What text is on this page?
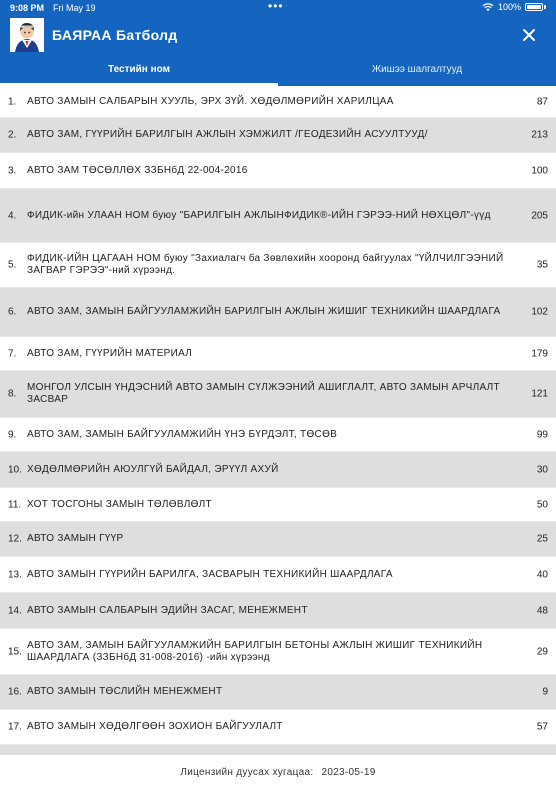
9:08 PM Fri May 19	•••	100%
БАЯРАА Батболд
Тестийн ном	Жишээ шалгалтууд
1. АВТО ЗАМЫН САЛБАРЫН ХУУЛЬ, ЭРХ ЗҮЙ. ХӨДӨЛМӨРИЙН ХАРИЛЦАА	87
2. АВТО ЗАМ, ГҮҮРИЙН БАРИЛГЫН АЖЛЫН ХЭМЖИЛТ /ГЕОДЕЗИЙН АСУУЛТУУД/	213
3. АВТО ЗАМ ТӨСӨЛЛӨХ ЗЗБНбД 22-004-2016	100
4. ФИДИК-ийн УЛААН НОМ буюу "БАРИЛГЫН АЖЛЫНФИДИК®-ИЙН ГЭРЭЭ-НИЙ НӨХЦӨЛ"-үүд	205
5.
ФИДИК-ИЙН ЦАГААН НОМ буюу "Захиалагч ба Зөвлөхийн хооронд байгуулах "ҮЙЛЧИЛГЭЭНИЙ ЗАГВАР ГЭРЭЭ"-ний хүрээнд.	35
6. АВТО ЗАМ, ЗАМЫН БАЙГУУЛАМЖИЙН БАРИЛГЫН АЖЛЫН ЖИШИГ ТЕХНИКИЙН ШААРДЛАГА	102
7. АВТО ЗАМ, ГҮҮРИЙН МАТЕРИАЛ	179
8.
МОНГОЛ УЛСЫН ҮНДЭСНИЙ АВТО ЗАМЫН СҮЛЖЭЭНИЙ АШИГЛАЛТ, АВТО ЗАМЫН АРЧЛАЛТ ЗАСВАР	121
9. АВТО ЗАМ, ЗАМЫН БАЙГУУЛАМЖИЙН ҮНЭ БҮРДЭЛТ, ТӨСӨВ	99
10. ХӨДӨЛМӨРИЙН АЮУЛГҮЙ БАЙДАЛ, ЭРҮҮЛ АХУЙ	30
11. ХОТ ТОСГОНЫ ЗАМЫН ТӨЛӨВЛӨЛТ	50
12. АВТО ЗАМЫН ГҮҮР	25
13. АВТО ЗАМЫН ГҮҮРИЙН БАРИЛГА, ЗАСВАРЫН ТЕХНИКИЙН ШААРДЛАГА	40
14. АВТО ЗАМЫН САЛБАРЫН ЭДИЙН ЗАСАГ, МЕНЕЖМЕНТ	48
15.
АВТО ЗАМ, ЗАМЫН БАЙГУУЛАМЖИЙН БАРИЛГЫН БЕТОНЫ АЖЛЫН ЖИШИГ ТЕХНИКИЙН ШААРДЛАГА (ЗЗБНбД 31-008-2016) -ийн хүрээнд	29
16. АВТО ЗАМЫН ТӨСЛИЙН МЕНЕЖМЕНТ	9
17. АВТО ЗАМЫН ХӨДӨЛГӨӨН ЗОХИОН БАЙГУУЛАЛТ	57
Лицензийн дуусах хугацаа: 2023-05-19
